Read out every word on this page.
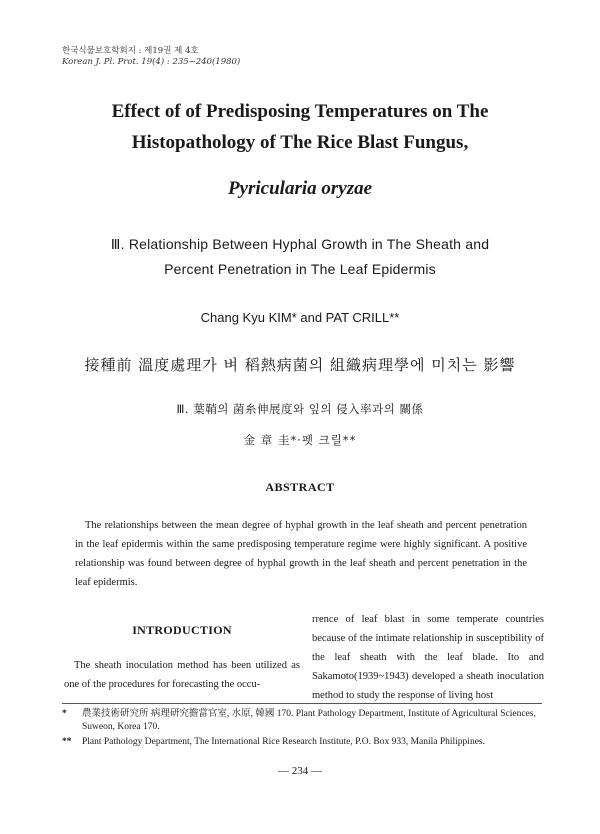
한국식물보호학회지 : 제19권 제 4호
Korean J. Pl. Prot. 19(4) : 235~240(1980)
Effect of of Predisposing Temperatures on The
Histopathology of The Rice Blast Fungus,
Pyricularia oryzae
Ⅲ. Relationship Between Hyphal Growth in The Sheath and
Percent Penetration in The Leaf Epidermis
Chang Kyu KIM* and PAT CRILL**
接種前 溫度處理가 벼 稻熱病菌의 組織病理學에 미치는 影響
Ⅲ. 葉鞘의 菌糸伸展度와 잎의 侵入率과의 關係
金 章 圭*·펫 크릴**
ABSTRACT
The relationships between the mean degree of hyphal growth in the leaf sheath and percent penetration in the leaf epidermis within the same predisposing temperature regime were highly significant. A positive relationship was found between degree of hyphal growth in the leaf sheath and percent penetration in the leaf epidermis.
INTRODUCTION
The sheath inoculation method has been utilized as one of the procedures for forecasting the occu-
rrence of leaf blast in some temperate countries because of the intimate relationship in susceptibility of the leaf sheath with the leaf blade. Ito and Sakamoto(1939~1943) developed a sheath inoculation method to study the response of living host
*	農業技術研究所 病理研究擔當官室, 水原, 韓國 170. Plant Pathology Department, Institute of Agricultural Sciences, Suweon, Korea 170.
**	Plant Pathology Department, The International Rice Research Institute, P.O. Box 933, Manila Philippines.
— 234 —
